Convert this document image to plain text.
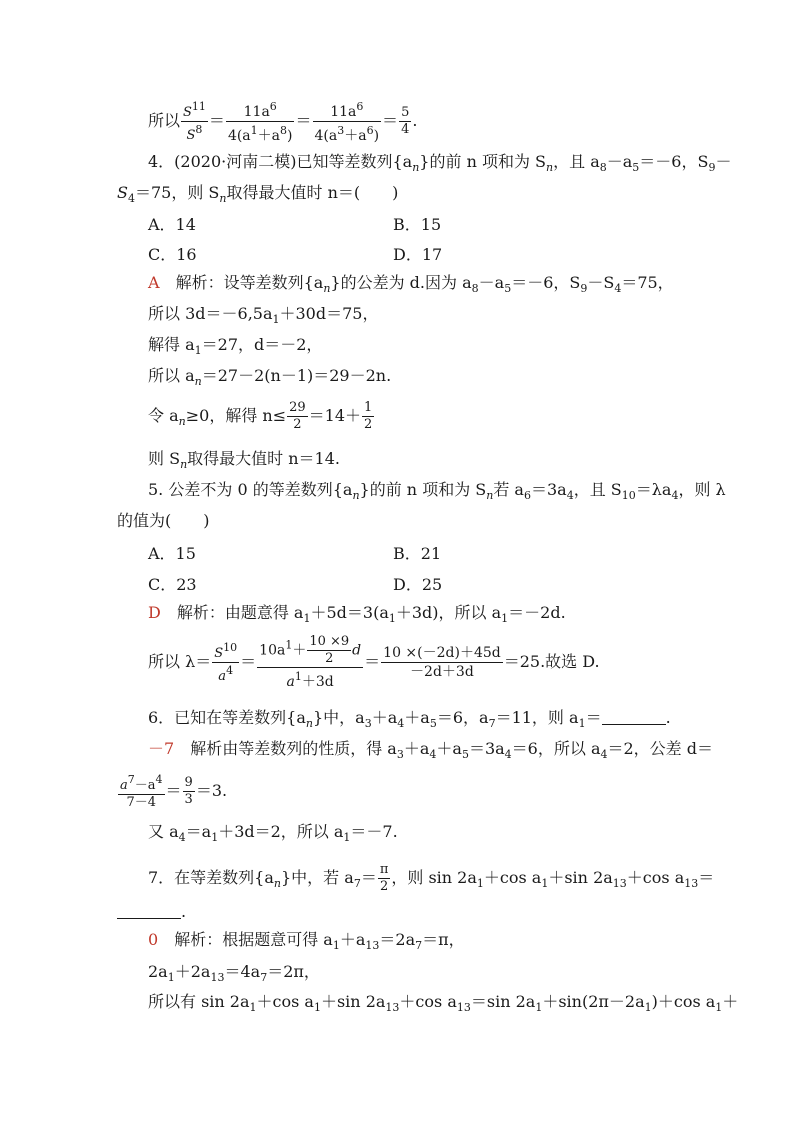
所以 $\frac{S^{11}}{S^8} = \frac{11a^6}{4(a^1+a^8)} = \frac{11a^6}{4(a^3+a^6)} = \frac{5}{4}$ .
4．(2020·河南二模)已知等差数列$\{a_n\}$的前 n 项和为 $S_n$，且 $a_8-a_5=-6$，$S_9-$
$S_4=75$，则 $S_n$取得最大值时 n＝(　　)
A．14	B．15
C．16	D．17
A　 解析：设等差数列$\{a_n\}$的公差为 d.因为 $a_8-a_5=-6$，$S_9-S_4=75$，
所以 $3d=-6,5a_1+30d=75$，
解得 $a_1=27$，d＝－2，
所以 $a_n=27-2(n-1)=29-2n$.
令 $a_n\ge 0$，解得 $n\le \frac{29}{2} =14+ \frac{1}{2}$
则 $S_n$取得最大值时 n＝14.
5. 公差不为 0 的等差数列$\{a_n\}$的前 n 项和为 $S_n$若 $a_6=3a_4$，且 $S_{10}=\lambda a_4$，则 λ
的值为(　　)
A．15	B．21
C．23	D．25
D　 解析：由题意得 $a_1+5d=3(a_1+3d)$，所以 $a_1=-2d$.
所以 $\lambda= \frac{S^{10}}{a^4} = \frac{10a^1+ \frac{10 \times 9}{2} d}{a^1+3d} = \frac{10 \times(-2d)+45d}{-2d+3d} =25$.故选 D.
6．已知在等差数列$\{a_n\}$中，$a_3+a_4+a_5=6$，$a_7=11$，则 $a_1=$	.
－7　 解析由等差数列的性质，得 $a_3+a_4+a_5=3a_4=6$，所以 $a_4=2$，公差 d＝
$\frac{a^7-a^4}{7-4} = \frac{9}{3} =3$.
又 $a_4=a_1+3d=2$，所以 $a_1=-7$.
7．在等差数列$\{a_n\}$中，若 $a_7= \frac{\pi}{2}$ ，则 $\sin 2a_1+\cos$ $a_1+\sin$ $2a_{13}+\cos$ $a_{13}=$
.
0　 解析：根据题意可得 $a_1+a_{13}=2a_7=\pi$，
$2a_1+2a_{13}=4a_7=2\pi$，
所以有 $\sin 2a_1+\cos$ $a_1+\sin$ $2a_{13}+\cos$ $a_{13}=\sin$ $2a_1+\sin(2\pi-2a_1)+\cos$ $a_1+$
